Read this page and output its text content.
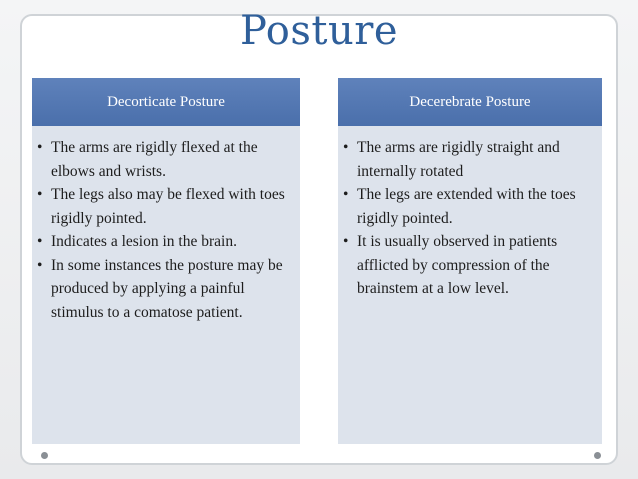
Posture
Decorticate Posture
• The arms are rigidly flexed at the elbows and wrists.
• The legs also may be flexed with toes rigidly pointed.
• Indicates a lesion in the brain.
• In some instances the posture may be produced by applying a painful stimulus to a comatose patient.
Decerebrate Posture
• The arms are rigidly straight and internally rotated
• The legs are extended with the toes rigidly pointed.
• It is usually observed in patients afflicted by compression of the brainstem at a low level.
